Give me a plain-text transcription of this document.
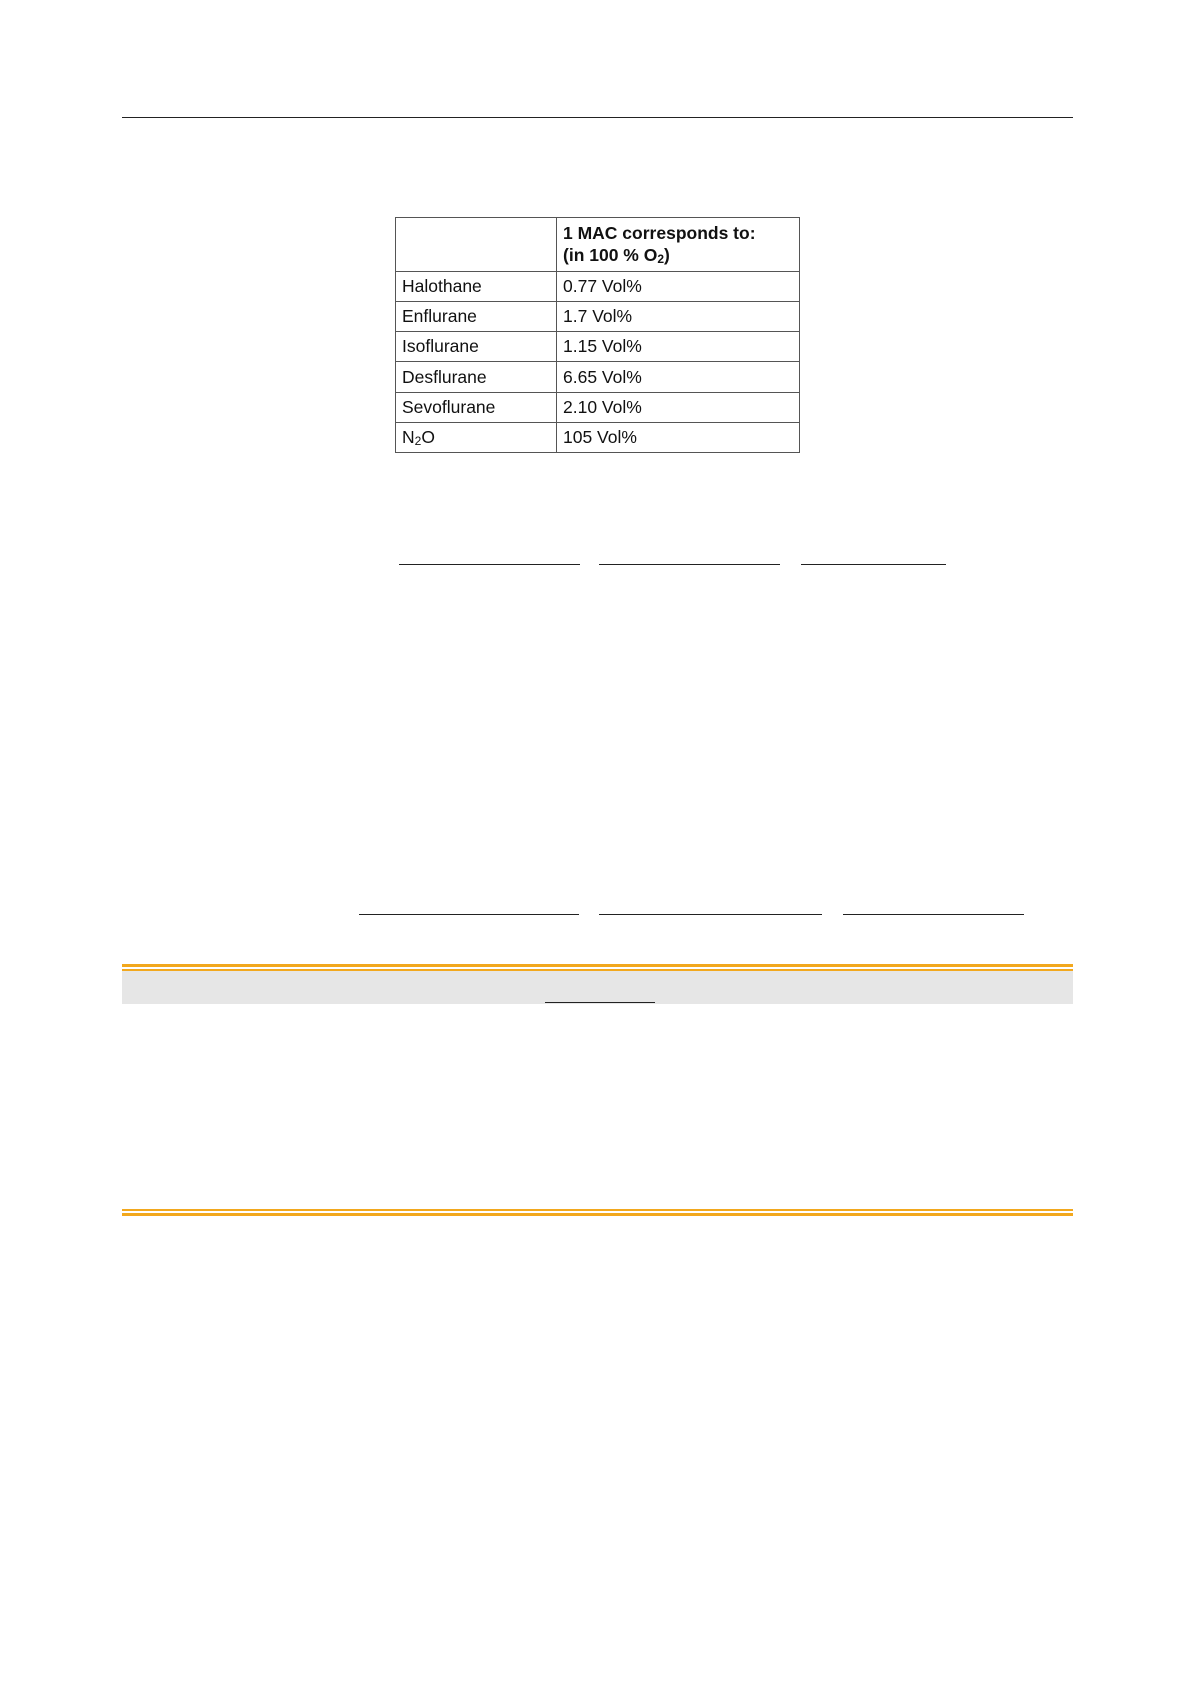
	1 MAC corresponds to:
(in 100 % $O_2$)

Halothane	0.77 Vol%
Enflurane	1.7 Vol%
Isoflurane	1.15 Vol%
Desflurane	6.65 Vol%
Sevoflurane	2.10 Vol%
$N_2O$	105 Vol%
